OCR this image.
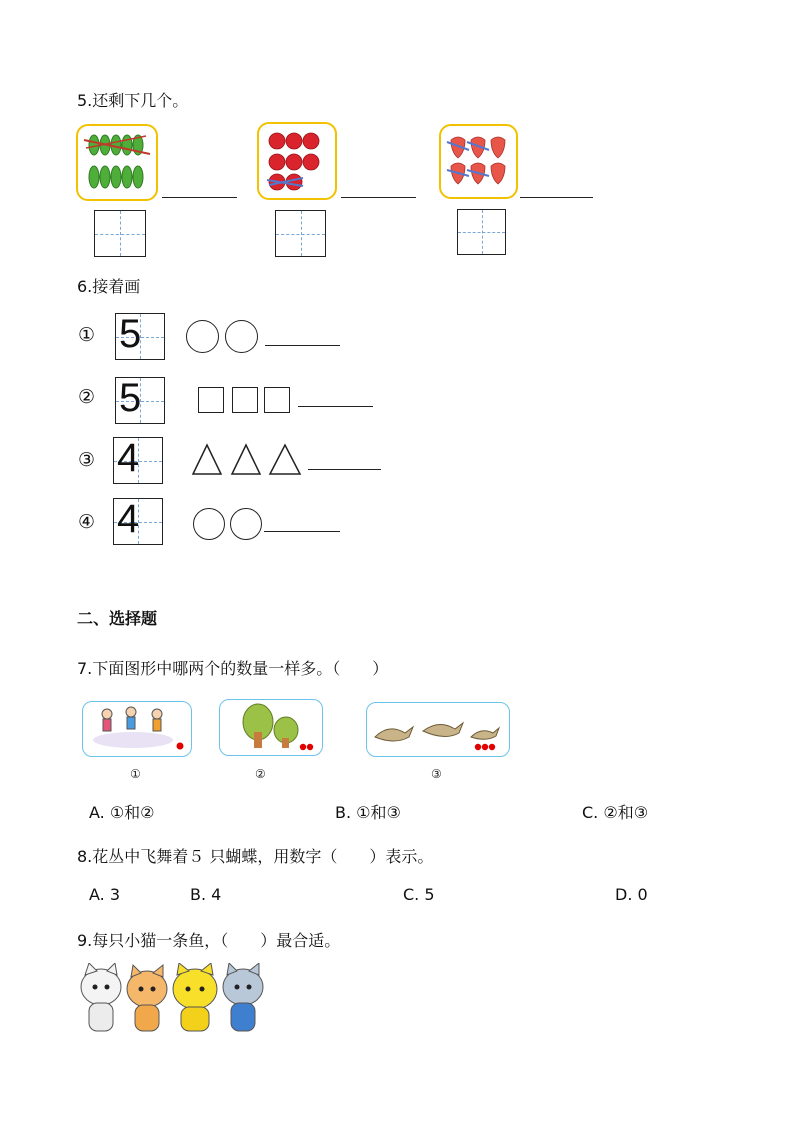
5.还剩下几个。
6.接着画
① 5
② 5
③ 4
④ 4
二、选择题
7.下面图形中哪两个的数量一样多。（　　）
①	②	③
A. ①和②	B. ①和③	C. ②和③
8.花丛中飞舞着５ 只蝴蝶，用数字（　　）表示。
A. 3	B. 4	C. 5	D. 0
9.每只小猫一条鱼，（　　）最合适。
